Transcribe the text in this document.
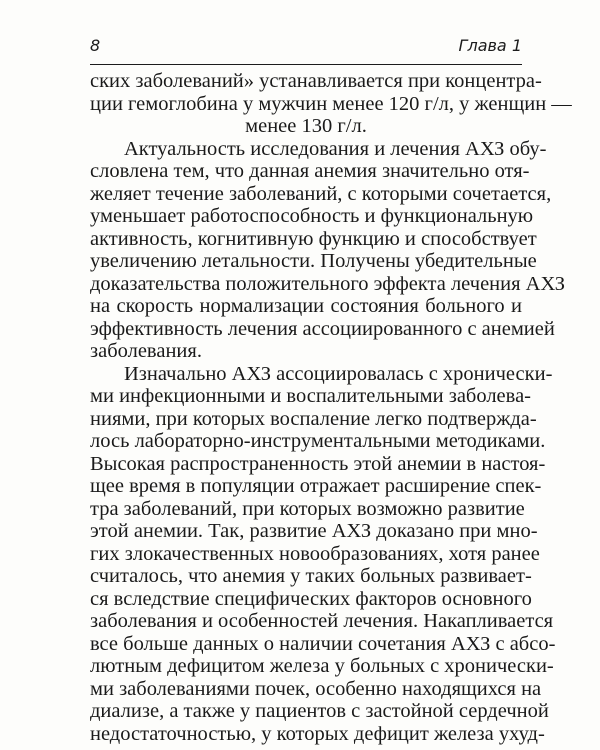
8	Глава 1
ских заболеваний» устанавливается при концентра-
ции гемоглобина у мужчин менее 120 г/л, у женщин —
менее 130 г/л.
Актуальность исследования и лечения АХЗ обу-
словлена тем, что данная анемия значительно отя-
желяет течение заболеваний, с которыми сочетается,
уменьшает работоспособность и функциональную
активность, когнитивную функцию и способствует
увеличению летальности. Получены убедительные
доказательства положительного эффекта лечения АХЗ
на скорость нормализации состояния больного и
эффективность лечения ассоциированного с анемией
заболевания.
Изначально АХЗ ассоциировалась с хронически-
ми инфекционными и воспалительными заболева-
ниями, при которых воспаление легко подтвержда-
лось лабораторно-инструментальными методиками.
Высокая распространенность этой анемии в настоя-
щее время в популяции отражает расширение спек-
тра заболеваний, при которых возможно развитие
этой анемии. Так, развитие АХЗ доказано при мно-
гих злокачественных новообразованиях, хотя ранее
считалось, что анемия у таких больных развивает-
ся вследствие специфических факторов основного
заболевания и особенностей лечения. Накапливается
все больше данных о наличии сочетания АХЗ с абсо-
лютным дефицитом железа у больных с хронически-
ми заболеваниями почек, особенно находящихся на
диализе, а также у пациентов с застойной сердечной
недостаточностью, у которых дефицит железа ухуд-
